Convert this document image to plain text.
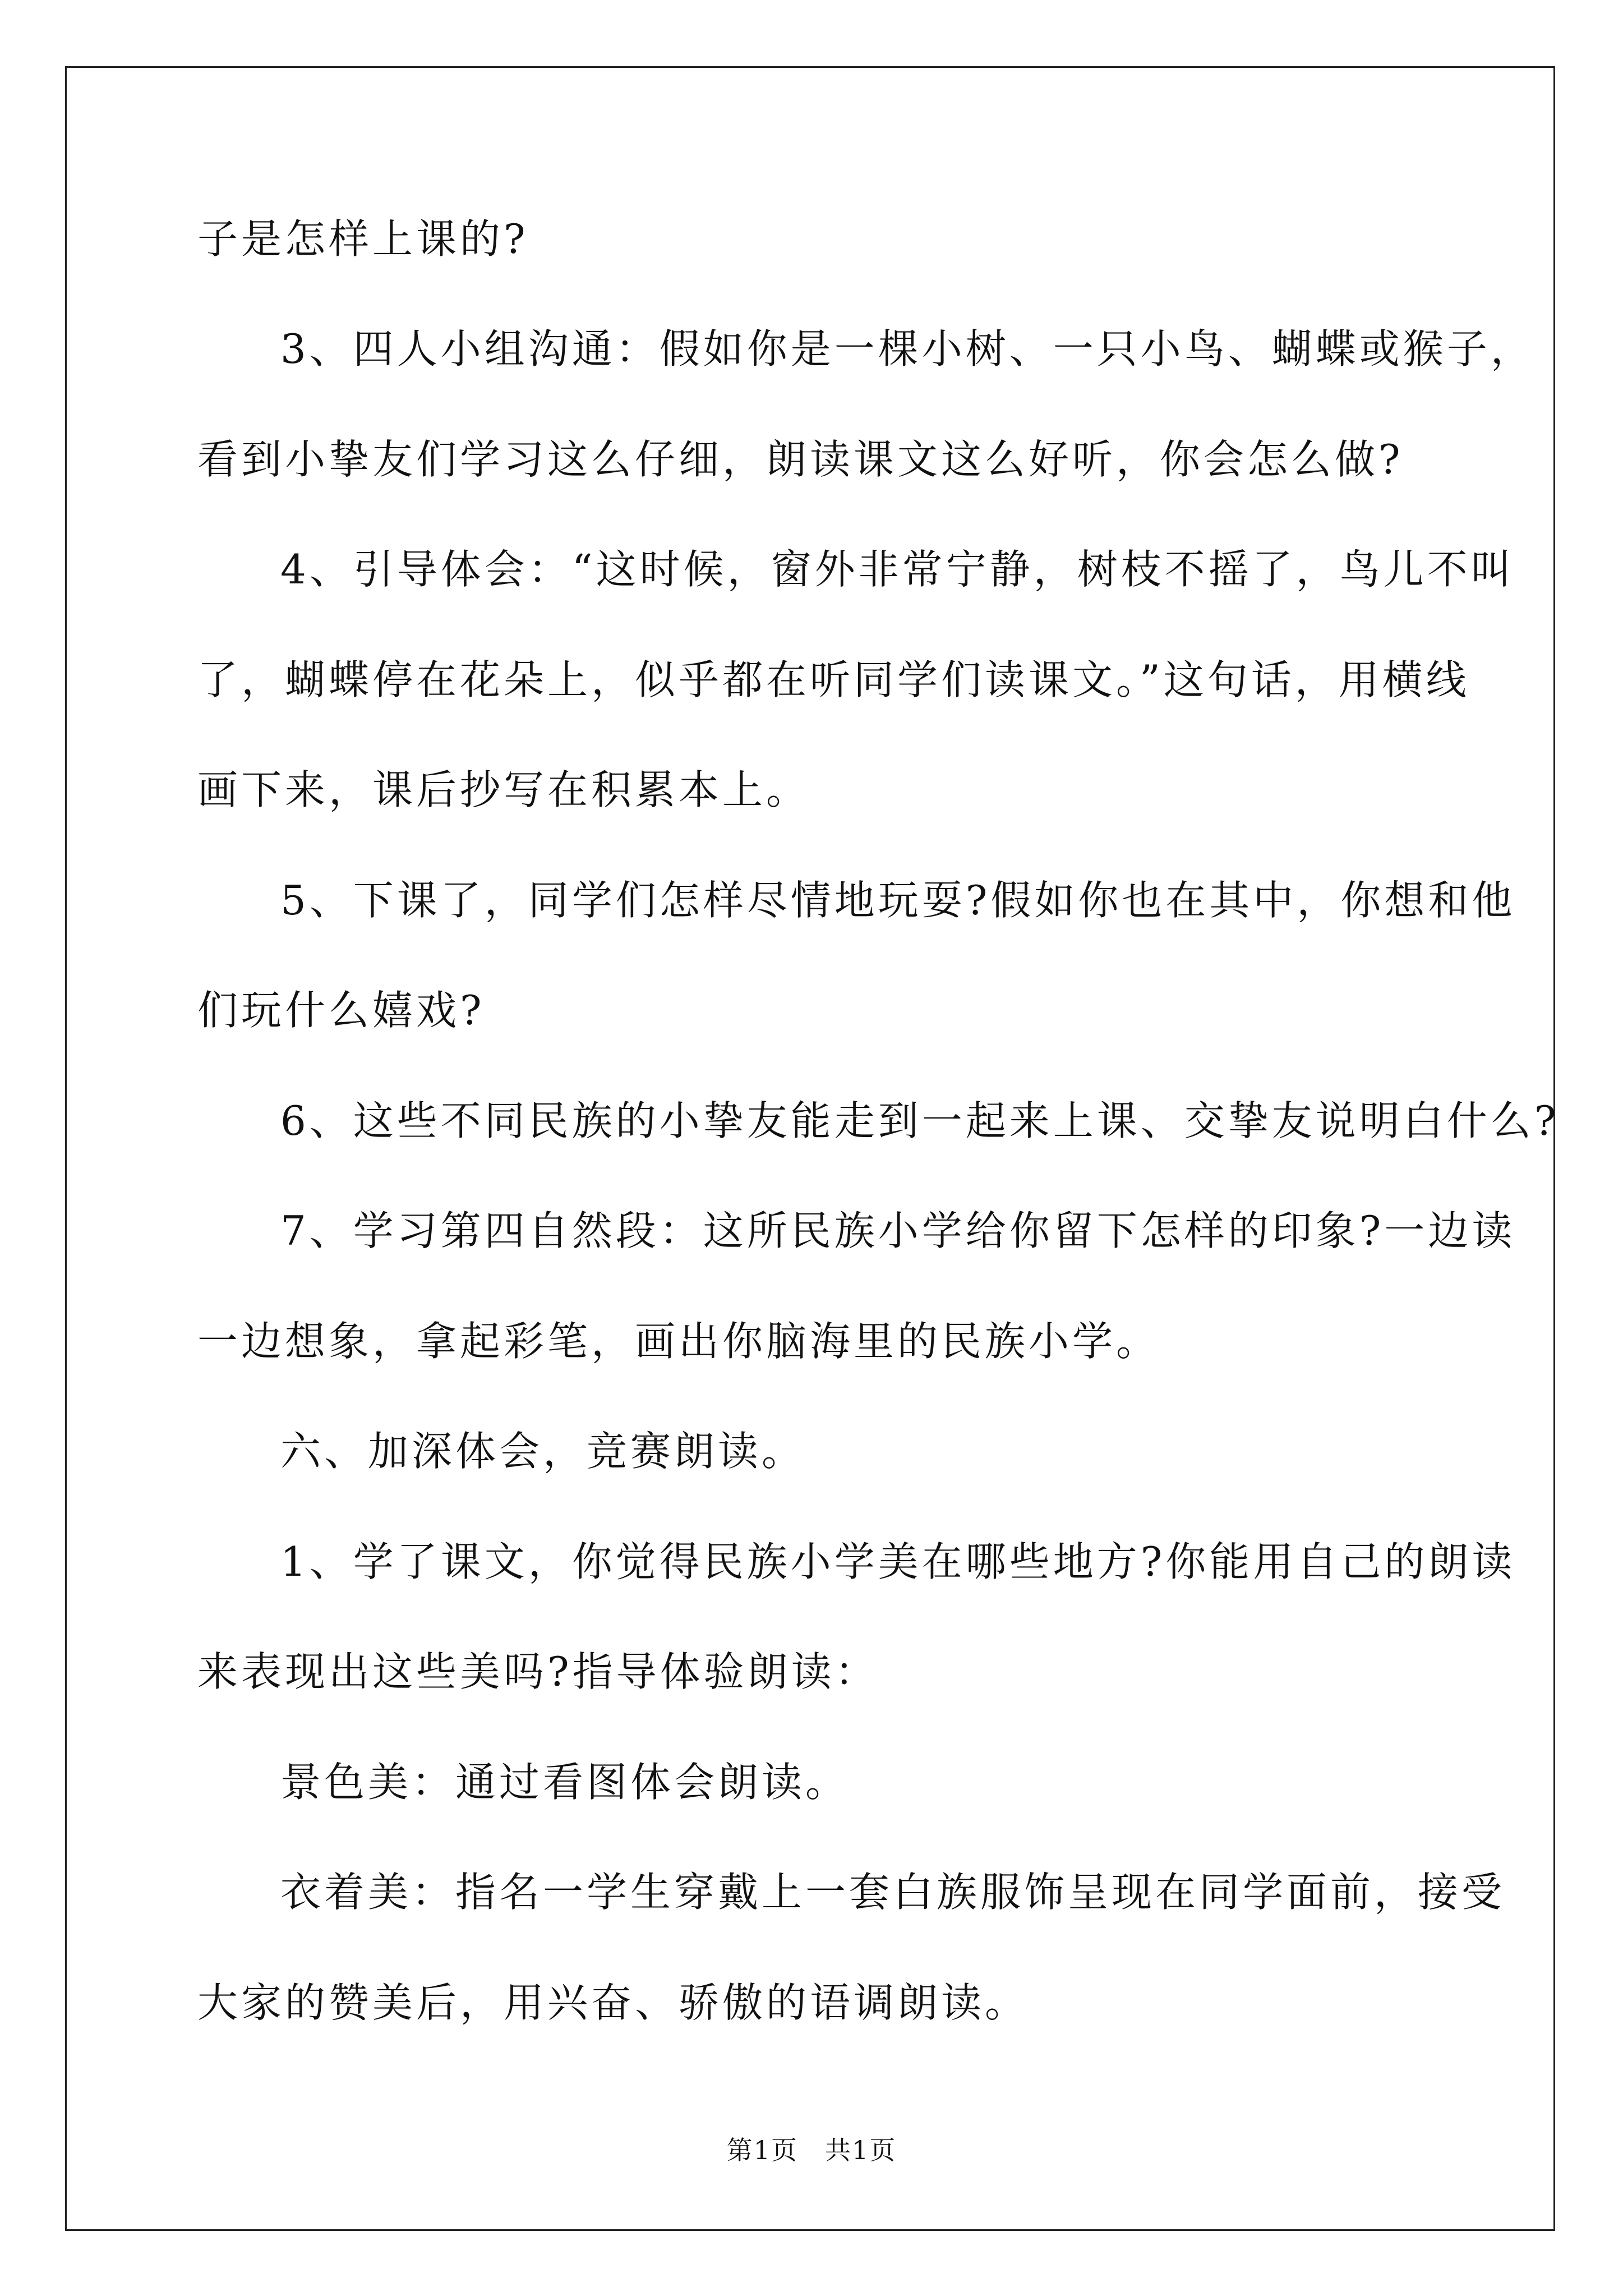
子是怎样上课的?
3、四人小组沟通：假如你是一棵小树、一只小鸟、蝴蝶或猴子，
看到小挚友们学习这么仔细，朗读课文这么好听，你会怎么做?
4、引导体会：“这时候，窗外非常宁静，树枝不摇了，鸟儿不叫
了，蝴蝶停在花朵上，似乎都在听同学们读课文。”这句话，用横线
画下来，课后抄写在积累本上。
5、下课了，同学们怎样尽情地玩耍?假如你也在其中，你想和他
们玩什么嬉戏?
6、这些不同民族的小挚友能走到一起来上课、交挚友说明白什么?
7、学习第四自然段：这所民族小学给你留下怎样的印象?一边读
一边想象，拿起彩笔，画出你脑海里的民族小学。
六、加深体会，竞赛朗读。
1、学了课文，你觉得民族小学美在哪些地方?你能用自己的朗读
来表现出这些美吗?指导体验朗读：
景色美：通过看图体会朗读。
衣着美：指名一学生穿戴上一套白族服饰呈现在同学面前，接受
大家的赞美后，用兴奋、骄傲的语调朗读。
第1页 共1页
